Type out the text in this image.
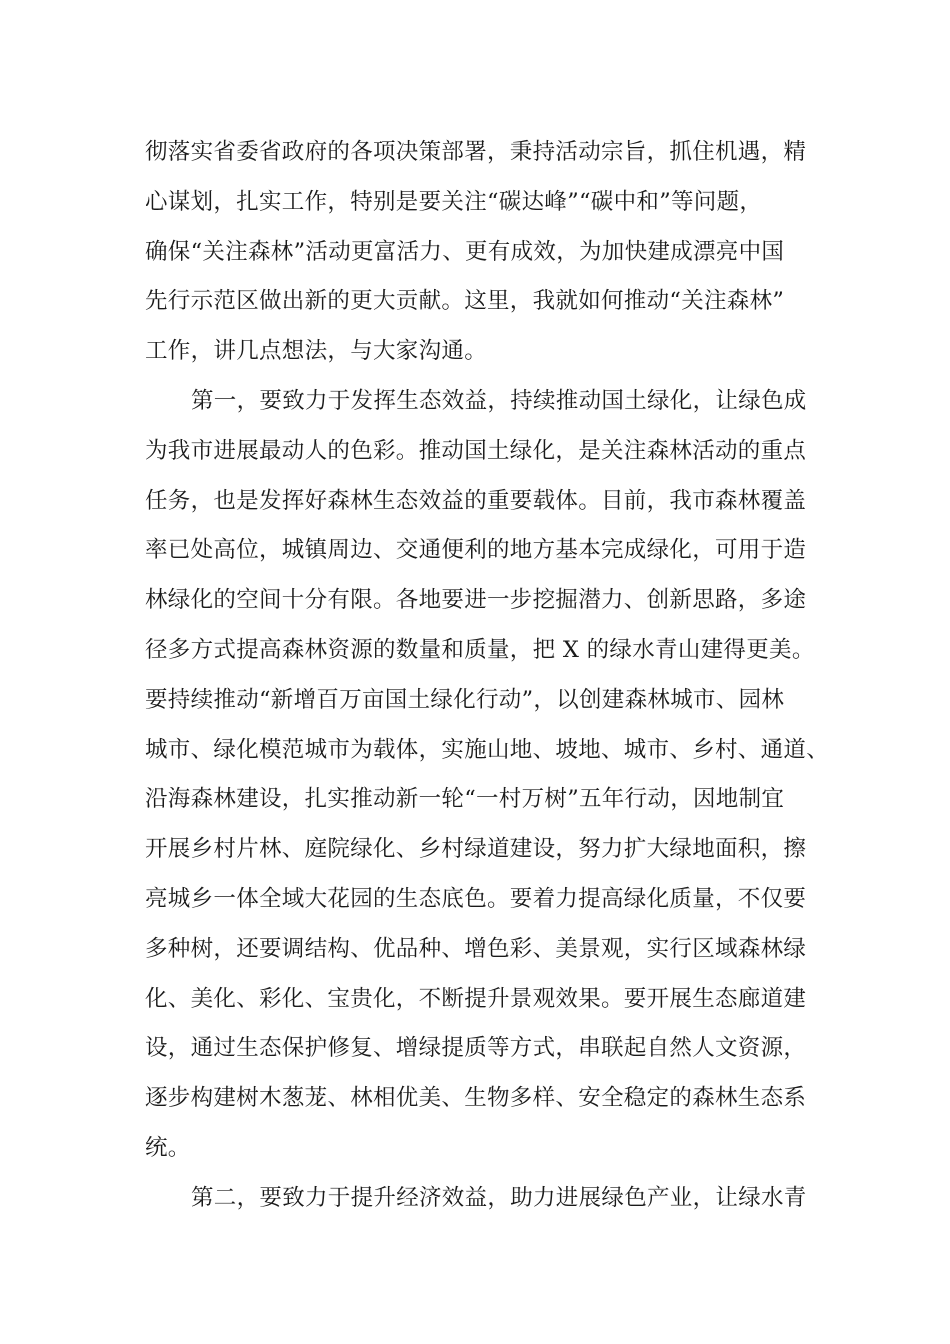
彻落实省委省政府的各项决策部署，秉持活动宗旨，抓住机遇，精
心谋划，扎实工作，特别是要关注“碳达峰”“碳中和”等问题，
确保“关注森林”活动更富活力、更有成效，为加快建成漂亮中国
先行示范区做出新的更大贡献。这里，我就如何推动“关注森林”
工作，讲几点想法，与大家沟通。
第一，要致力于发挥生态效益，持续推动国土绿化，让绿色成
为我市进展最动人的色彩。推动国土绿化，是关注森林活动的重点
任务，也是发挥好森林生态效益的重要载体。目前，我市森林覆盖
率已处高位，城镇周边、交通便利的地方基本完成绿化，可用于造
林绿化的空间十分有限。各地要进一步挖掘潜力、创新思路，多途
径多方式提高森林资源的数量和质量，把 X 的绿水青山建得更美。
要持续推动“新增百万亩国土绿化行动”，以创建森林城市、园林
城市、绿化模范城市为载体，实施山地、坡地、城市、乡村、通道、
沿海森林建设，扎实推动新一轮“一村万树”五年行动，因地制宜
开展乡村片林、庭院绿化、乡村绿道建设，努力扩大绿地面积，擦
亮城乡一体全域大花园的生态底色。要着力提高绿化质量，不仅要
多种树，还要调结构、优品种、增色彩、美景观，实行区域森林绿
化、美化、彩化、宝贵化，不断提升景观效果。要开展生态廊道建
设，通过生态保护修复、增绿提质等方式，串联起自然人文资源，
逐步构建树木葱茏、林相优美、生物多样、安全稳定的森林生态系
统。
第二，要致力于提升经济效益，助力进展绿色产业，让绿水青
